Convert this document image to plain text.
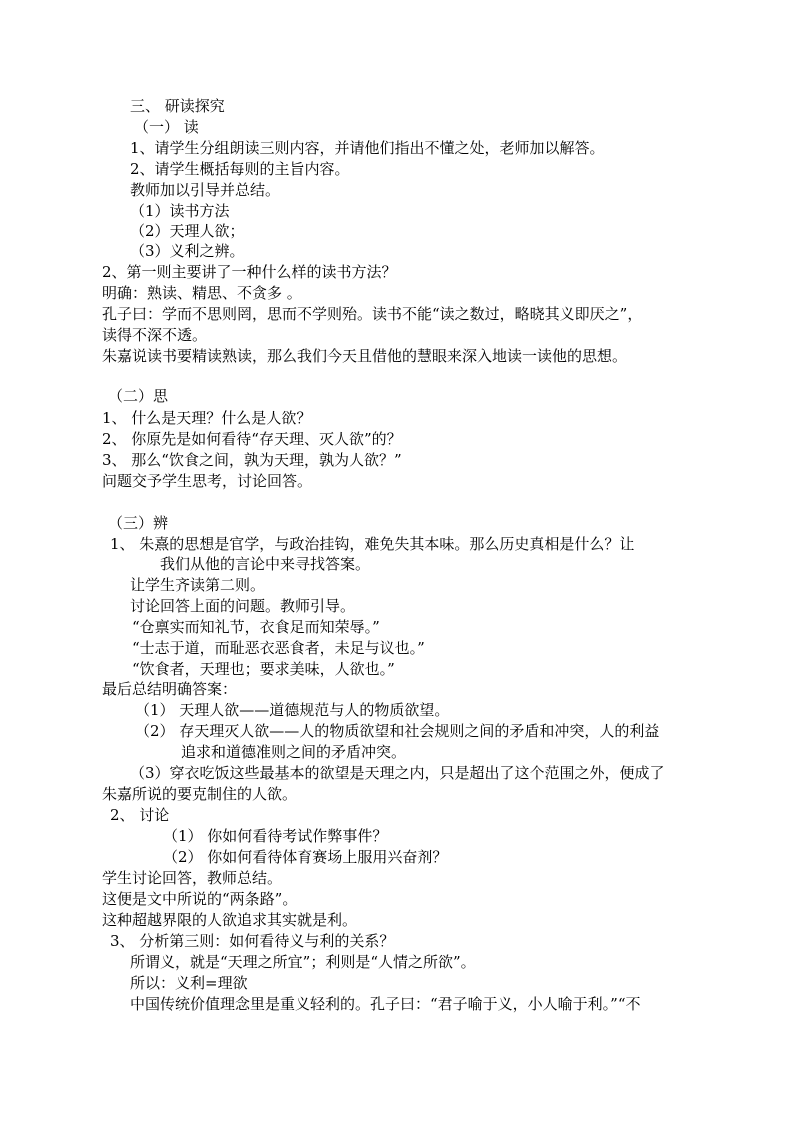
三、 研读探究
（一） 读
1、请学生分组朗读三则内容，并请他们指出不懂之处，老师加以解答。
2、请学生概括每则的主旨内容。
教师加以引导并总结。
（1）读书方法
（2）天理人欲；
（3）义利之辨。
2、第一则主要讲了一种什么样的读书方法？
明确：熟读、精思、不贪多 。
孔子曰：学而不思则罔，思而不学则殆。读书不能“读之数过，略晓其义即厌之”，
读得不深不透。
朱嘉说读书要精读熟读，那么我们今天且借他的慧眼来深入地读一读他的思想。
（二）思
1、 什么是天理？什么是人欲？
2、 你原先是如何看待“存天理、灭人欲”的？
3、 那么“饮食之间，孰为天理，孰为人欲？”
问题交予学生思考，讨论回答。
（三）辨
1、 朱熹的思想是官学，与政治挂钩，难免失其本味。那么历史真相是什么？让
我们从他的言论中来寻找答案。
让学生齐读第二则。
讨论回答上面的问题。教师引导。
“仓禀实而知礼节，衣食足而知荣辱。”
“士志于道，而耻恶衣恶食者，未足与议也。”
“饮食者，天理也；要求美味，人欲也。”
最后总结明确答案：
（1） 天理人欲——道德规范与人的物质欲望。
（2） 存天理灭人欲——人的物质欲望和社会规则之间的矛盾和冲突，人的利益
追求和道德准则之间的矛盾冲突。
（3）穿衣吃饭这些最基本的欲望是天理之内，只是超出了这个范围之外，便成了
朱嘉所说的要克制住的人欲。
2、 讨论
（1） 你如何看待考试作弊事件？
（2） 你如何看待体育赛场上服用兴奋剂？
学生讨论回答，教师总结。
这便是文中所说的“两条路”。
这种超越界限的人欲追求其实就是利。
3、 分析第三则：如何看待义与利的关系？
所谓义，就是“天理之所宜”；利则是“人情之所欲”。
所以：义利=理欲
中国传统价值理念里是重义轻利的。孔子曰：“君子喻于义，小人喻于利。”“不
